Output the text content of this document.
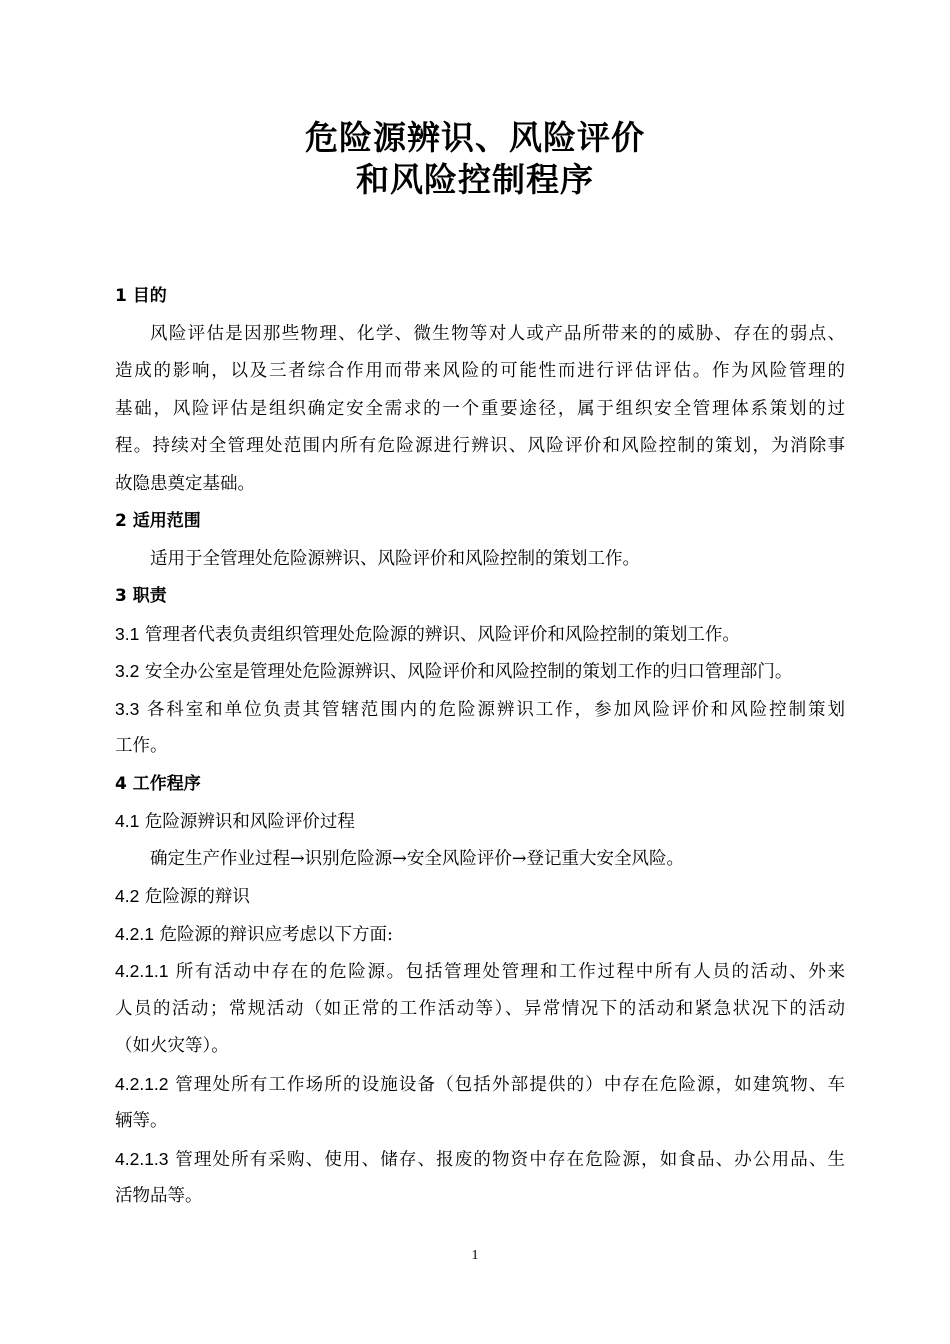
危险源辨识、风险评价
和风险控制程序
1 目的
风险评估是因那些物理、化学、微生物等对人或产品所带来的的威胁、存在的弱点、
造成的影响，以及三者综合作用而带来风险的可能性而进行评估评估。作为风险管理的
基础，风险评估是组织确定安全需求的一个重要途径，属于组织安全管理体系策划的过
程。持续对全管理处范围内所有危险源进行辨识、风险评价和风险控制的策划，为消除事
故隐患奠定基础。
2 适用范围
适用于全管理处危险源辨识、风险评价和风险控制的策划工作。
3 职责
3.1 管理者代表负责组织管理处危险源的辨识、风险评价和风险控制的策划工作。
3.2 安全办公室是管理处危险源辨识、风险评价和风险控制的策划工作的归口管理部门。
3.3 各科室和单位负责其管辖范围内的危险源辨识工作，参加风险评价和风险控制策划
工作。
4 工作程序
4.1 危险源辨识和风险评价过程
确定生产作业过程→识别危险源→安全风险评价→登记重大安全风险。
4.2 危险源的辩识
4.2.1 危险源的辩识应考虑以下方面:
4.2.1.1 所有活动中存在的危险源。包括管理处管理和工作过程中所有人员的活动、外来
人员的活动；常规活动（如正常的工作活动等）、异常情况下的活动和紧急状况下的活动
（如火灾等）。
4.2.1.2 管理处所有工作场所的设施设备（包括外部提供的）中存在危险源，如建筑物、车
辆等。
4.2.1.3 管理处所有采购、使用、储存、报废的物资中存在危险源，如食品、办公用品、生
活物品等。
1
